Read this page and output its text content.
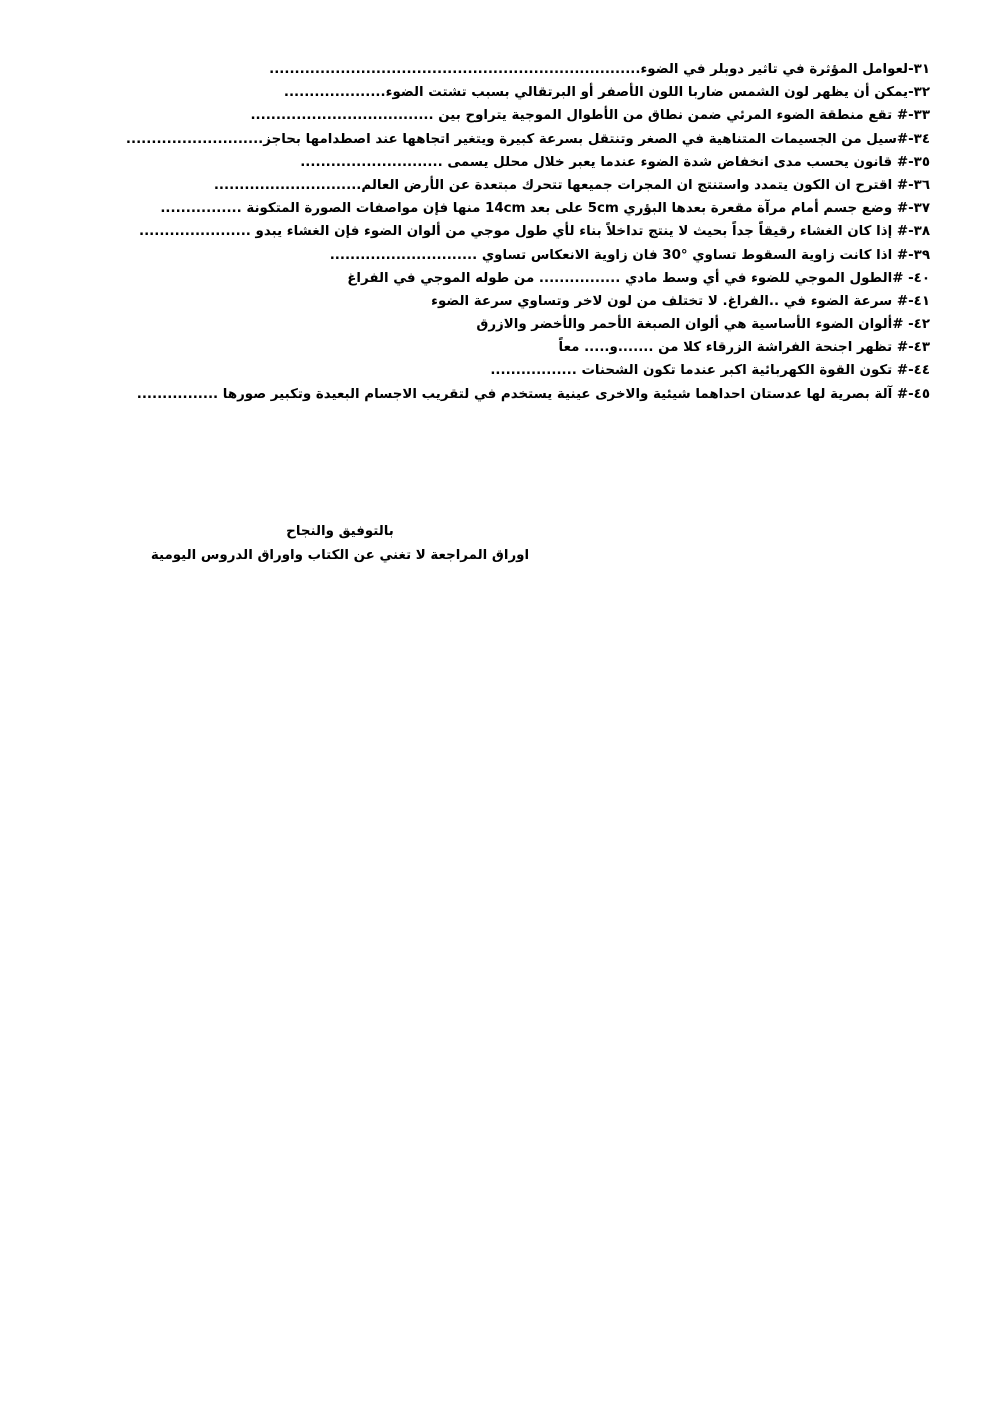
٣١-لعوامل المؤثرة في تاثير دوبلر في الضوء.........................................................................
٣٢-يمكن أن يظهر لون الشمس ضاربا اللون الأصفر أو البرتقالي بسبب تشتت الضوء....................
٣٣-# تقع منطقة الضوء المرئي ضمن نطاق من الأطوال الموجية يتراوح بين ....................................
٣٤-#سيل من الجسيمات المتناهية في الصغر وتنتقل بسرعة كبيرة ويتغير اتجاهها عند اصطدامها بحاجز...........................
٣٥-# قانون يحسب مدى انخفاض شدة الضوء عندما يعبر خلال محلل يسمى ............................
٣٦-# اقترح ان الكون يتمدد واستنتج ان المجرات جميعها تتحرك مبتعدة عن الأرض العالم.............................
٣٧-# وضع جسم أمام مرآة مقعرة بعدها البؤري 5cm على بعد 14cm منها فإن مواصفات الصورة المتكونة ................
٣٨-# إذا كان الغشاء رقيقاً جداً بحيث لا ينتج تداخلاً بناء لأي طول موجي من ألوان الضوء فإن الغشاء يبدو ......................
٣٩-# اذا كانت زاوية السقوط تساوي °30 فان زاوية الانعكاس تساوي .............................
٤٠- #الطول الموجي للضوء في أي وسط مادي ................ من طوله الموجي في الفراغ
٤١-# سرعة الضوء في ..الفراغ. لا تختلف من لون لاخر وتساوي سرعة الضوء
٤٢- #ألوان الضوء الأساسية هي ألوان الصبغة الأحمر والأخضر والازرق
٤٣-# تظهر اجنحة الفراشة الزرقاء كلا من .......و..... معاً
٤٤-# تكون القوة الكهربائية اكبر عندما تكون الشحنات .................
٤٥-# آلة بصرية لها عدستان احداهما شيئية والاخرى عينية يستخدم في لتقريب الاجسام البعيدة وتكبير صورها ................
بالتوفيق والنجاح
اوراق المراجعة لا تغني عن الكتاب واوراق الدروس اليومية
